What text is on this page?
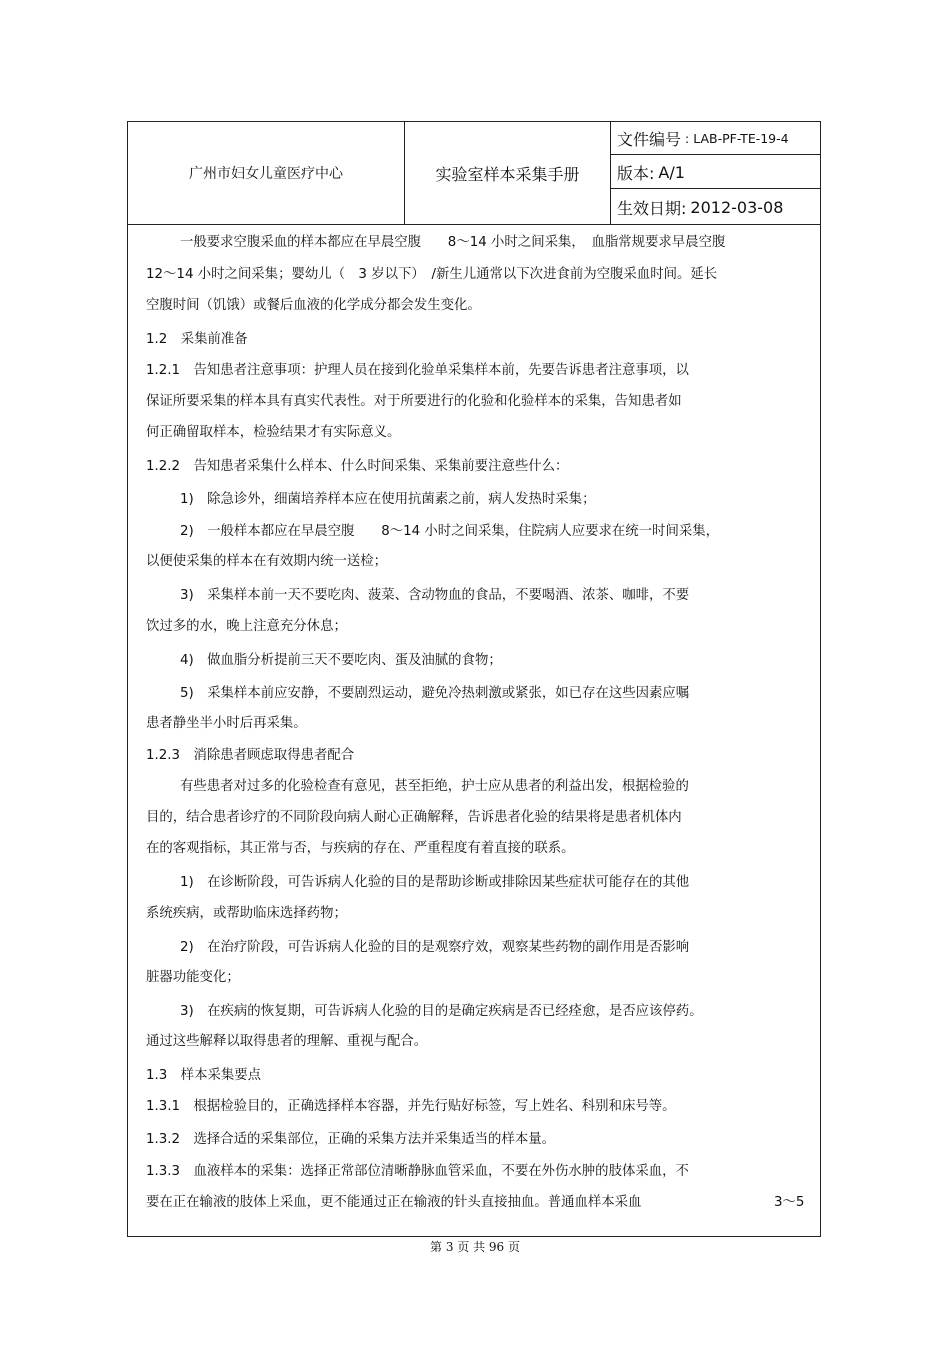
广州市妇女儿童医疗中心	实验室样本采集手册
文件编号 : LAB-PF-TE-19-4
版本: A/1
生效日期: 2012-03-08
一般要求空腹采血的样本都应在早晨空腹　　8～14 小时之间采集，　血脂常规要求早晨空腹
12～14 小时之间采集；婴幼儿（　3 岁以下）　/新生儿通常以下次进食前为空腹采血时间。延长
空腹时间（饥饿）或餐后血液的化学成分都会发生变化。
1.2　采集前准备
1.2.1　告知患者注意事项：护理人员在接到化验单采集样本前，先要告诉患者注意事项，以
保证所要采集的样本具有真实代表性。对于所要进行的化验和化验样本的采集，告知患者如
何正确留取样本，检验结果才有实际意义。
1.2.2　告知患者采集什么样本、什么时间采集、采集前要注意些什么：
1)　除急诊外，细菌培养样本应在使用抗菌素之前，病人发热时采集；
2)　一般样本都应在早晨空腹　　8～14 小时之间采集，住院病人应要求在统一时间采集，
以便使采集的样本在有效期内统一送检；
3)　采集样本前一天不要吃肉、菠菜、含动物血的食品，不要喝酒、浓茶、咖啡，不要
饮过多的水，晚上注意充分休息；
4)　做血脂分析提前三天不要吃肉、蛋及油腻的食物；
5)　采集样本前应安静，不要剧烈运动，避免冷热刺激或紧张，如已存在这些因素应嘱
患者静坐半小时后再采集。
1.2.3　消除患者顾虑取得患者配合
有些患者对过多的化验检查有意见，甚至拒绝，护士应从患者的利益出发，根据检验的
目的，结合患者诊疗的不同阶段向病人耐心正确解释，告诉患者化验的结果将是患者机体内
在的客观指标，其正常与否，与疾病的存在、严重程度有着直接的联系。
1)　在诊断阶段，可告诉病人化验的目的是帮助诊断或排除因某些症状可能存在的其他
系统疾病，或帮助临床选择药物；
2)　在治疗阶段，可告诉病人化验的目的是观察疗效，观察某些药物的副作用是否影响
脏器功能变化；
3)　在疾病的恢复期，可告诉病人化验的目的是确定疾病是否已经痊愈，是否应该停药。
通过这些解释以取得患者的理解、重视与配合。
1.3　样本采集要点
1.3.1　根据检验目的，正确选择样本容器，并先行贴好标签，写上姓名、科别和床号等。
1.3.2　选择合适的采集部位，正确的采集方法并采集适当的样本量。
1.3.3　血液样本的采集：选择正常部位清晰静脉血管采血，不要在外伤水肿的肢体采血，不
要在正在输液的肢体上采血，更不能通过正在输液的针头直接抽血。普通血样本采血	3～5
第 3 页 共 96 页
